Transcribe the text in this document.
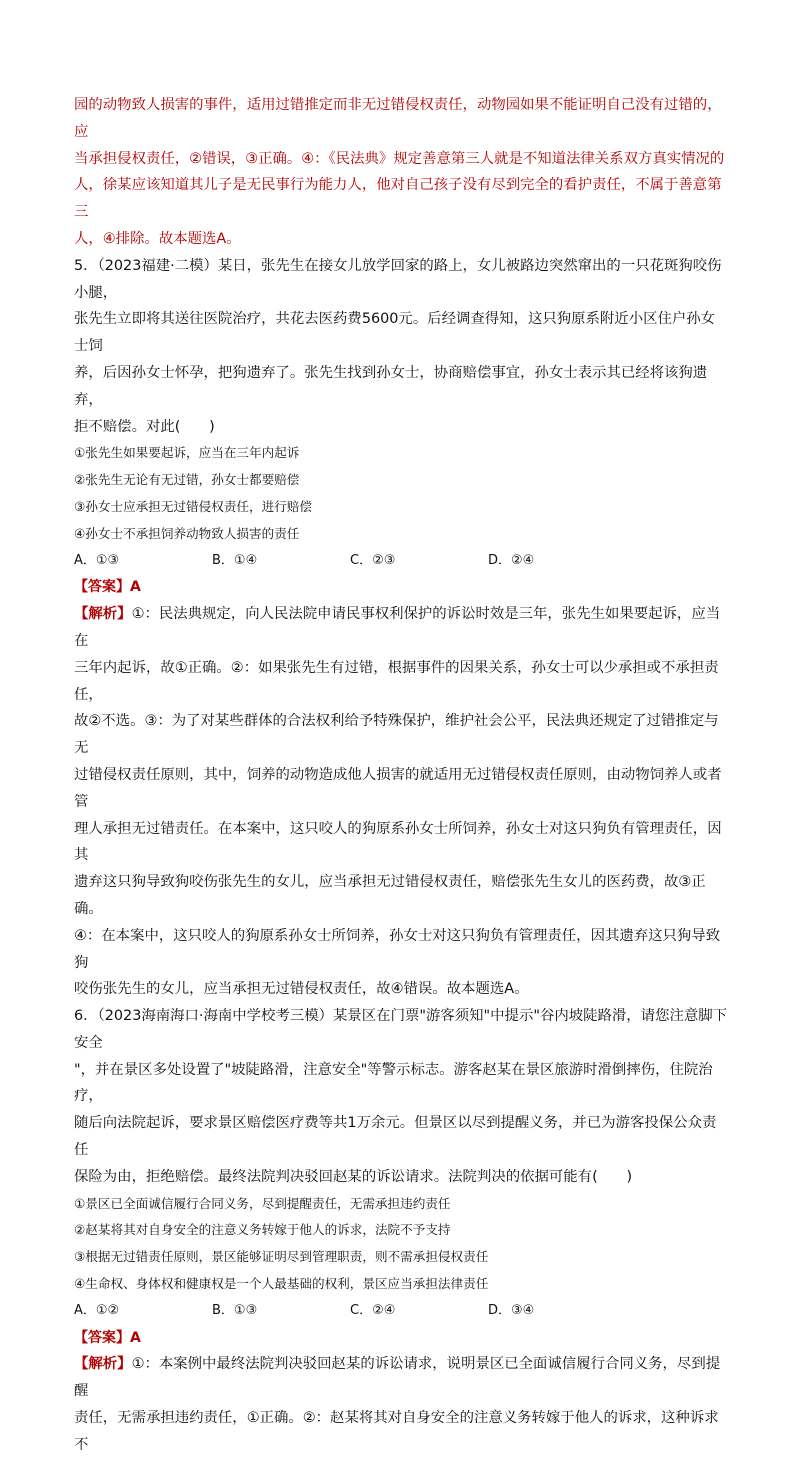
园的动物致人损害的事件，适用过错推定而非无过错侵权责任，动物园如果不能证明自己没有过错的，应

当承担侵权责任，②错误，③正确。④：《民法典》规定善意第三人就是不知道法律关系双方真实情况的

人，徐某应该知道其儿子是无民事行为能力人，他对自己孩子没有尽到完全的看护责任，不属于善意第三

人，④排除。故本题选A。

5．（2023福建·二模）某日，张先生在接女儿放学回家的路上，女儿被路边突然窜出的一只花斑狗咬伤小腿，

张先生立即将其送往医院治疗，共花去医药费5600元。后经调查得知，这只狗原系附近小区住户孙女士饲

养，后因孙女士怀孕，把狗遗弃了。张先生找到孙女士，协商赔偿事宜，孙女士表示其已经将该狗遗弃，

拒不赔偿。对此(　　)

①张先生如果要起诉，应当在三年内起诉

②张先生无论有无过错，孙女士都要赔偿

③孙女士应承担无过错侵权责任，进行赔偿

④孙女士不承担饲养动物致人损害的责任

A．①③	B．①④	C．②③	D．②④

【答案】A

【解析】①：民法典规定，向人民法院申请民事权利保护的诉讼时效是三年，张先生如果要起诉，应当在

三年内起诉，故①正确。②：如果张先生有过错，根据事件的因果关系，孙女士可以少承担或不承担责任，

故②不选。③：为了对某些群体的合法权利给予特殊保护，维护社会公平，民法典还规定了过错推定与无

过错侵权责任原则，其中，饲养的动物造成他人损害的就适用无过错侵权责任原则，由动物饲养人或者管

理人承担无过错责任。在本案中，这只咬人的狗原系孙女士所饲养，孙女士对这只狗负有管理责任，因其

遗弃这只狗导致狗咬伤张先生的女儿，应当承担无过错侵权责任，赔偿张先生女儿的医药费，故③正确。

④：在本案中，这只咬人的狗原系孙女士所饲养，孙女士对这只狗负有管理责任，因其遗弃这只狗导致狗

咬伤张先生的女儿，应当承担无过错侵权责任，故④错误。故本题选A。

6．（2023海南海口·海南中学校考三模）某景区在门票"游客须知"中提示"谷内坡陡路滑，请您注意脚下安全

"，并在景区多处设置了"坡陡路滑，注意安全"等警示标志。游客赵某在景区旅游时滑倒摔伤，住院治疗，

随后向法院起诉，要求景区赔偿医疗费等共1万余元。但景区以尽到提醒义务，并已为游客投保公众责任

保险为由，拒绝赔偿。最终法院判决驳回赵某的诉讼请求。法院判决的依据可能有(　　)

①景区已全面诚信履行合同义务，尽到提醒责任，无需承担违约责任

②赵某将其对自身安全的注意义务转嫁于他人的诉求，法院不予支持

③根据无过错责任原则，景区能够证明尽到管理职责，则不需承担侵权责任

④生命权、身体权和健康权是一个人最基础的权利，景区应当承担法律责任

A．①②	B．①③	C．②④	D．③④

【答案】A

【解析】①：本案例中最终法院判决驳回赵某的诉讼请求，说明景区已全面诚信履行合同义务，尽到提醒

责任，无需承担违约责任，①正确。②：赵某将其对自身安全的注意义务转嫁于他人的诉求，这种诉求不
